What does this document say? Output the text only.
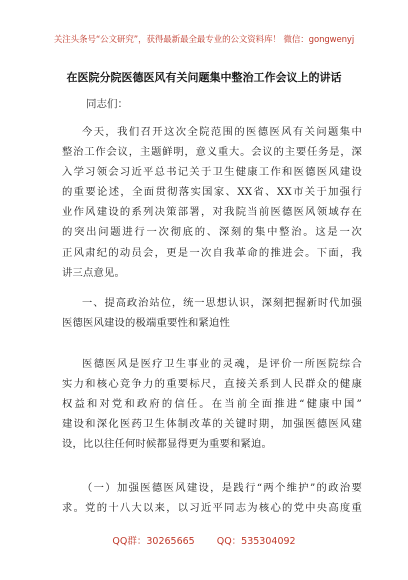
关注头条号“公文研究”，获得最新最全最专业的公文资料库！ 微信：gongwenyj
在医院分院医德医风有关问题集中整治工作会议上的讲话
同志们：
今天，我们召开这次全院范围的医德医风有关问题集中
整治工作会议，主题鲜明，意义重大。会议的主要任务是，深
入学习领会习近平总书记关于卫生健康工作和医德医风建设
的重要论述，全面贯彻落实国家、XX省、XX市关于加强行
业作风建设的系列决策部署，对我院当前医德医风领域存在
的突出问题进行一次彻底的、深刻的集中整治。这是一次
正风肃纪的动员会，更是一次自我革命的推进会。下面，我
讲三点意见。
一、提高政治站位，统一思想认识，深刻把握新时代加强
医德医风建设的极端重要性和紧迫性
医德医风是医疗卫生事业的灵魂，是评价一所医院综合
实力和核心竞争力的重要标尺，直接关系到人民群众的健康
权益和对党和政府的信任。在当前全面推进“健康中国”
建设和深化医药卫生体制改革的关键时期，加强医德医风建
设，比以往任何时候都显得更为重要和紧迫。
（一）加强医德医风建设，是践行“两个维护”的政治要
求。党的十八大以来，以习近平同志为核心的党中央高度重
QQ群：30265665 QQ：535304092
